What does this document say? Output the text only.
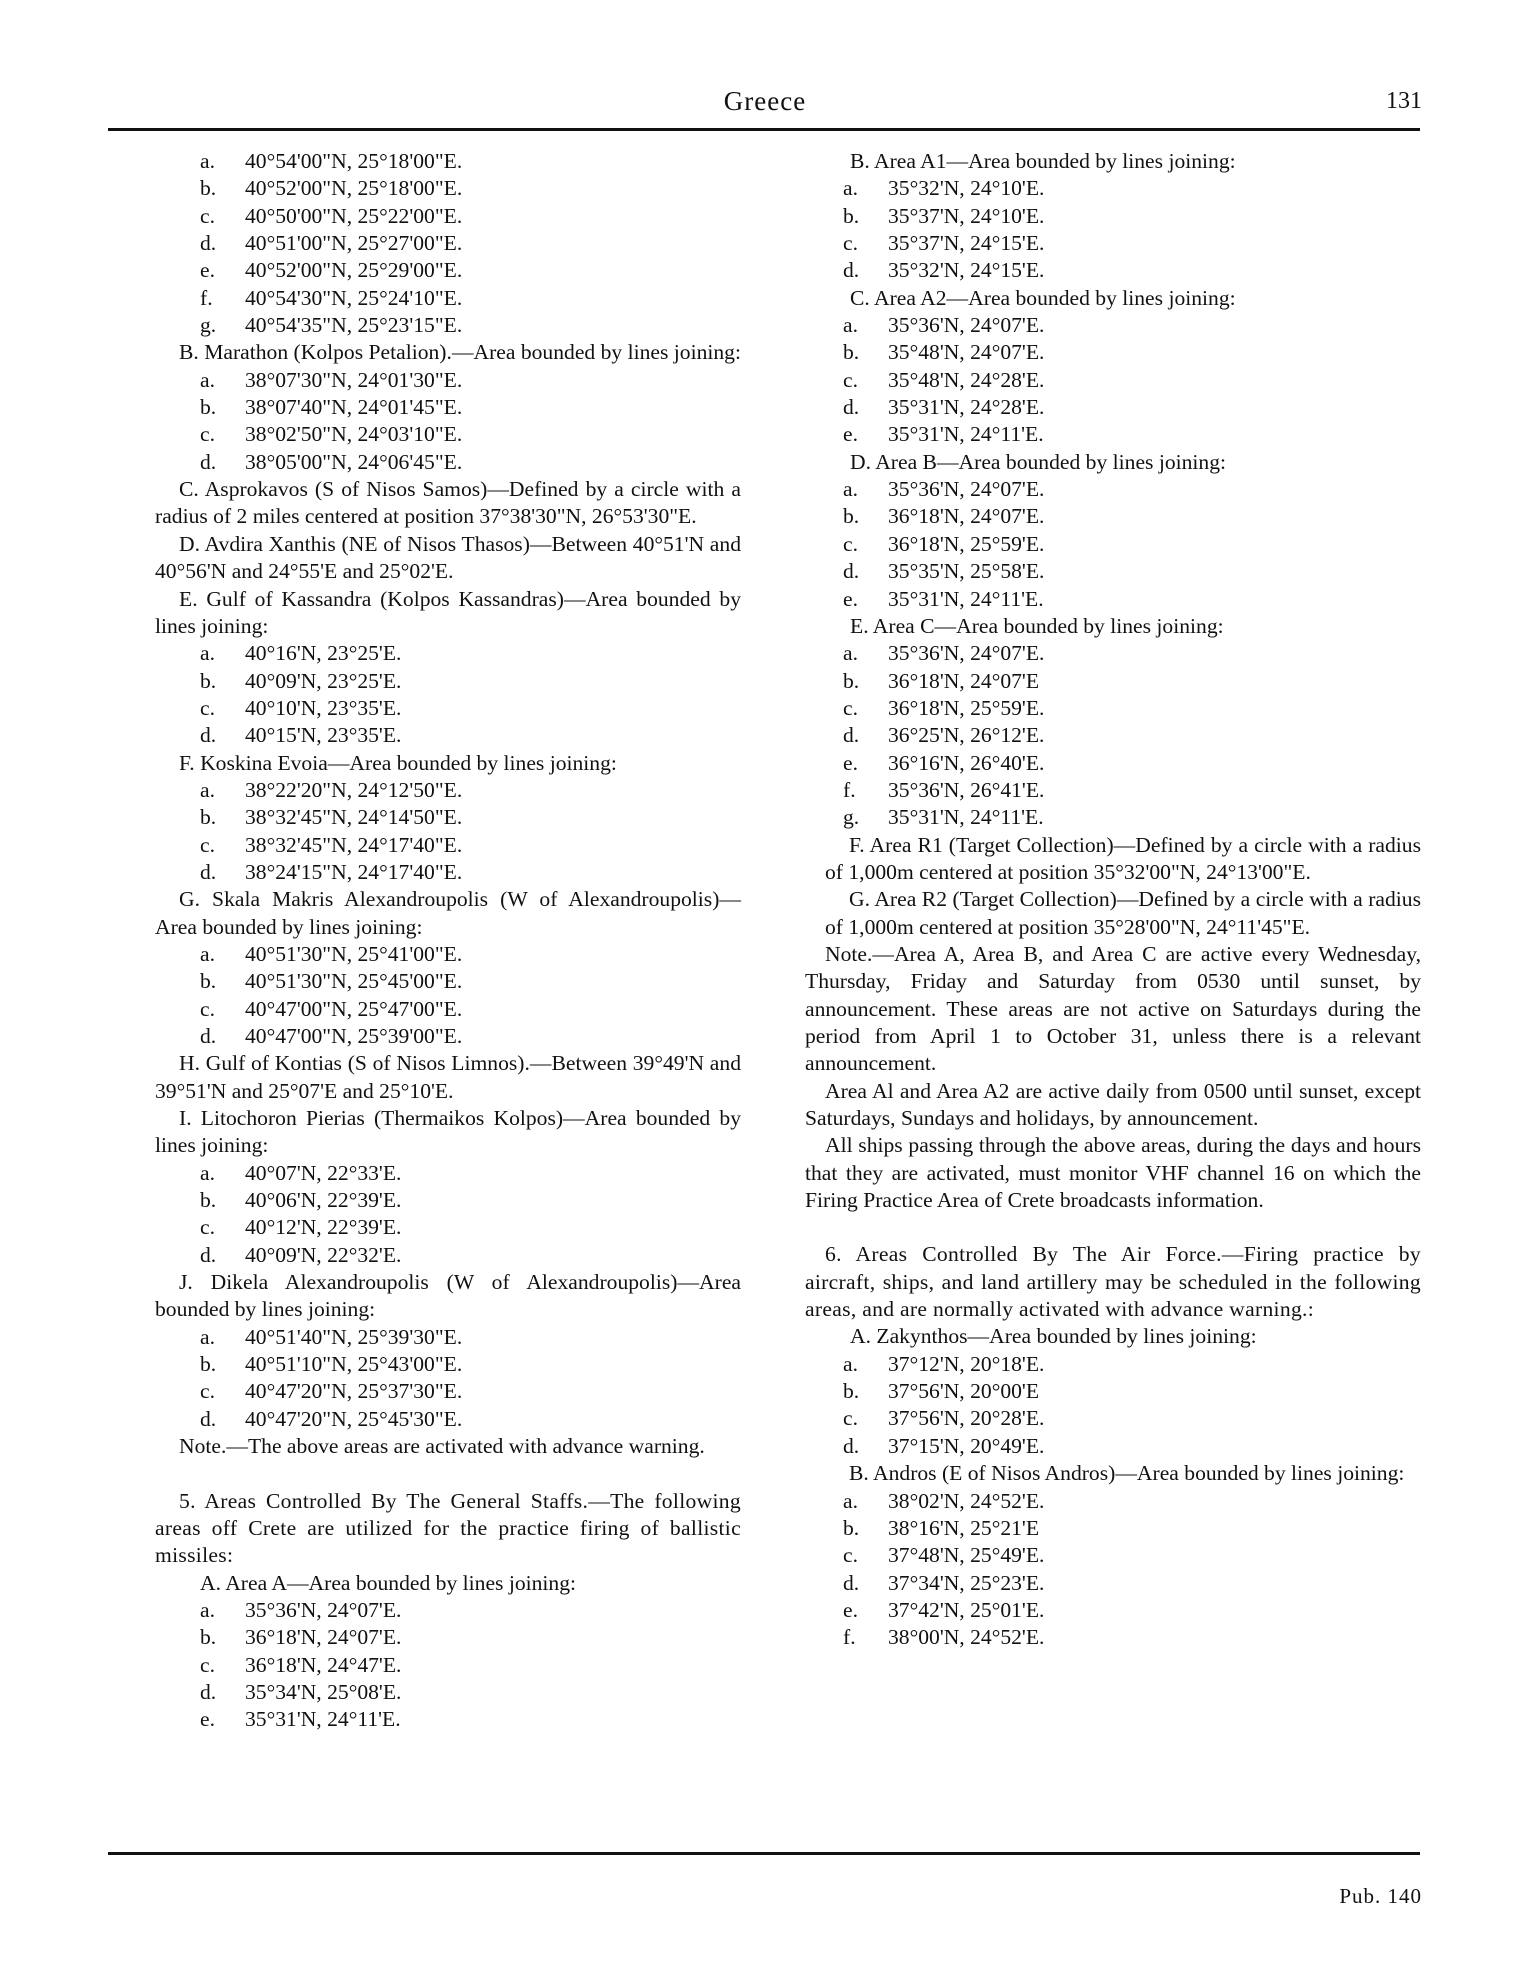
Greece	131
a.	40°54'00"N, 25°18'00"E.
b.	40°52'00"N, 25°18'00"E.
c.	40°50'00"N, 25°22'00"E.
d.	40°51'00"N, 25°27'00"E.
e.	40°52'00"N, 25°29'00"E.
f.	40°54'30"N, 25°24'10"E.
g.	40°54'35"N, 25°23'15"E.
B. Marathon (Kolpos Petalion).—Area bounded by lines joining:
a.	38°07'30"N, 24°01'30"E.
b.	38°07'40"N, 24°01'45"E.
c.	38°02'50"N, 24°03'10"E.
d.	38°05'00"N, 24°06'45"E.
C. Asprokavos (S of Nisos Samos)—Defined by a circle with a radius of 2 miles centered at position 37°38'30"N, 26°53'30"E.
D. Avdira Xanthis (NE of Nisos Thasos)—Between 40°51'N and 40°56'N and 24°55'E and 25°02'E.
E. Gulf of Kassandra (Kolpos Kassandras)—Area bounded by lines joining:
a.	40°16'N, 23°25'E.
b.	40°09'N, 23°25'E.
c.	40°10'N, 23°35'E.
d.	40°15'N, 23°35'E.
F. Koskina Evoia—Area bounded by lines joining:
a.	38°22'20"N, 24°12'50"E.
b.	38°32'45"N, 24°14'50"E.
c.	38°32'45"N, 24°17'40"E.
d.	38°24'15"N, 24°17'40"E.
G. Skala Makris Alexandroupolis (W of Alexandroupolis)—Area bounded by lines joining:
a.	40°51'30"N, 25°41'00"E.
b.	40°51'30"N, 25°45'00"E.
c.	40°47'00"N, 25°47'00"E.
d.	40°47'00"N, 25°39'00"E.
H. Gulf of Kontias (S of Nisos Limnos).—Between 39°49'N and 39°51'N and 25°07'E and 25°10'E.
I. Litochoron Pierias (Thermaikos Kolpos)—Area bounded by lines joining:
a.	40°07'N, 22°33'E.
b.	40°06'N, 22°39'E.
c.	40°12'N, 22°39'E.
d.	40°09'N, 22°32'E.
J. Dikela Alexandroupolis (W of Alexandroupolis)—Area bounded by lines joining:
a.	40°51'40"N, 25°39'30"E.
b.	40°51'10"N, 25°43'00"E.
c.	40°47'20"N, 25°37'30"E.
d.	40°47'20"N, 25°45'30"E.
Note.—The above areas are activated with advance warning.
5. Areas Controlled By The General Staffs.—The following areas off Crete are utilized for the practice firing of ballistic missiles:
A. Area A—Area bounded by lines joining:
a.	35°36'N, 24°07'E.
b.	36°18'N, 24°07'E.
c.	36°18'N, 24°47'E.
d.	35°34'N, 25°08'E.
e.	35°31'N, 24°11'E.
B. Area A1—Area bounded by lines joining:
a.	35°32'N, 24°10'E.
b.	35°37'N, 24°10'E.
c.	35°37'N, 24°15'E.
d.	35°32'N, 24°15'E.
C. Area A2—Area bounded by lines joining:
a.	35°36'N, 24°07'E.
b.	35°48'N, 24°07'E.
c.	35°48'N, 24°28'E.
d.	35°31'N, 24°28'E.
e.	35°31'N, 24°11'E.
D. Area B—Area bounded by lines joining:
a.	35°36'N, 24°07'E.
b.	36°18'N, 24°07'E.
c.	36°18'N, 25°59'E.
d.	35°35'N, 25°58'E.
e.	35°31'N, 24°11'E.
E. Area C—Area bounded by lines joining:
a.	35°36'N, 24°07'E.
b.	36°18'N, 24°07'E
c.	36°18'N, 25°59'E.
d.	36°25'N, 26°12'E.
e.	36°16'N, 26°40'E.
f.	35°36'N, 26°41'E.
g.	35°31'N, 24°11'E.
F. Area R1 (Target Collection)—Defined by a circle with a radius of 1,000m centered at position 35°32'00"N, 24°13'00"E.
G. Area R2 (Target Collection)—Defined by a circle with a radius of 1,000m centered at position 35°28'00"N, 24°11'45"E.
Note.—Area A, Area B, and Area C are active every Wednesday, Thursday, Friday and Saturday from 0530 until sunset, by announcement. These areas are not active on Saturdays during the period from April 1 to October 31, unless there is a relevant announcement.
Area Al and Area A2 are active daily from 0500 until sunset, except Saturdays, Sundays and holidays, by announcement.
All ships passing through the above areas, during the days and hours that they are activated, must monitor VHF channel 16 on which the Firing Practice Area of Crete broadcasts information.
6. Areas Controlled By The Air Force.—Firing practice by aircraft, ships, and land artillery may be scheduled in the following areas, and are normally activated with advance warning.:
A. Zakynthos—Area bounded by lines joining:
a.	37°12'N, 20°18'E.
b.	37°56'N, 20°00'E
c.	37°56'N, 20°28'E.
d.	37°15'N, 20°49'E.
B. Andros (E of Nisos Andros)—Area bounded by lines joining:
a.	38°02'N, 24°52'E.
b.	38°16'N, 25°21'E
c.	37°48'N, 25°49'E.
d.	37°34'N, 25°23'E.
e.	37°42'N, 25°01'E.
f.	38°00'N, 24°52'E.
Pub. 140
